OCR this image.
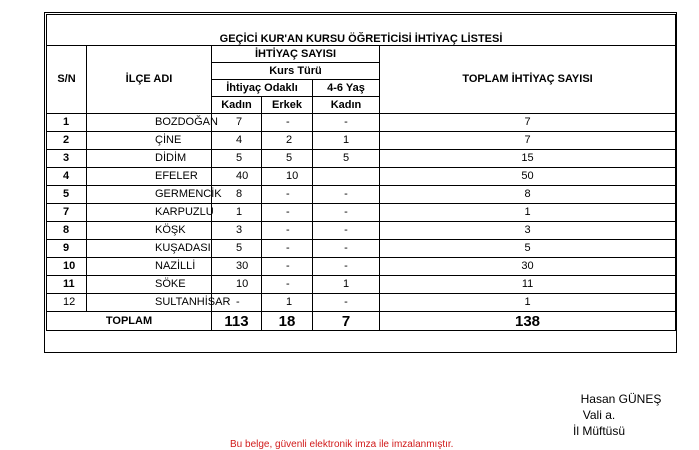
GEÇİCİ KUR'AN KURSU ÖĞRETİCİSİ İHTİYAÇ LİSTESİ					
S/N	İLÇE ADI	İHTİYAÇ SAYISI			TOPLAM İHTİYAÇ SAYISI
		Kurs Türü			
		İhtiyaç Odaklı		4-6 Yaş	
		Kadın	Erkek	Kadın	
1	BOZDOĞAN	7	-	-	7
2	ÇİNE	4	2	1	7
3	DİDİM	5	5	5	15
4	EFELER	40	10		50
5	GERMENCİK	8	-	-	8
7	KARPUZLU	1	-	-	1
8	KÖŞK	3	-	-	3
9	KUŞADASI	5	-	-	5
10	NAZİLLİ	30	-	-	30
11	SÖKE	10	-	1	11
12	SULTANHİSAR	-	1	-	1
TOPLAM		113	18	7	138
Hasan GÜNEŞ
Vali a.
İl Müftüsü
Bu belge, güvenli elektronik imza ile imzalanmıştır.
